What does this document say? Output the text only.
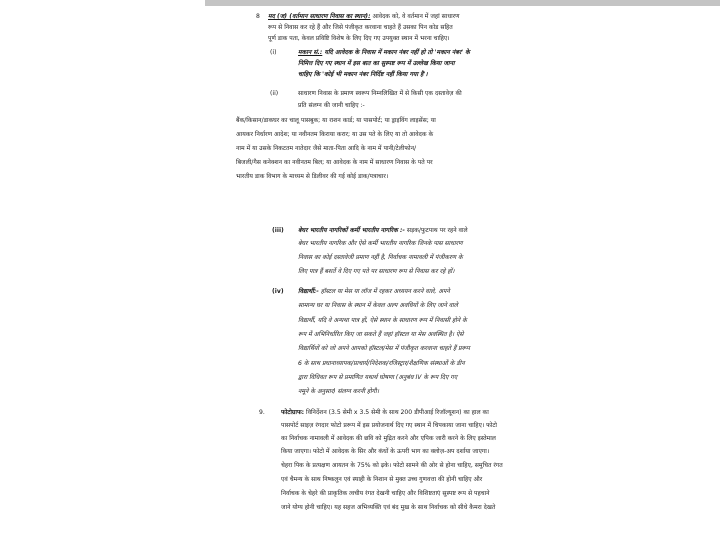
8 मद (ज) (वर्तमान साधारण निवास का स्थान): आवेदक को, वे वर्तमान में जहां साधारण
रूप से निवास कर रहे हैं और जिसे पंजीकृत करवाना चाहते हैं उसका पिन कोड सहित
पूर्ण डाक पता, केवल प्रविष्टि विशेष के लिए दिए गए उपयुक्त स्थान में भरना चाहिए।
(i)	मकान सं.: यदि आवेदक के निवास में मकान नंबर नहीं हो तो 'मकान नंबर' के
निमित्त दिए गए स्थान में इस बात का सुस्पष्ट रूप में उल्लेख किया जाना
चाहिए कि 'कोई भी मकान नंबर निर्दिष्ट नहीं किया गया है'।
(ii)	साधारण निवास के प्रमाण स्वरूप निम्नलिखित में से किसी एक दस्तावेज़ की
प्रति संलग्न की जानी चाहिए :-
बैंक/किसान/डाकघर का चालू पासबुक; या राशन कार्ड; या पासपोर्ट; या ड्राइविंग लाइसेंस; या
आयकर निर्धारण आदेश; या नवीनतम किराया करार; या उस पते के लिए या तो आवेदक के
नाम में या उसके निकटतम नातेदार जैसे माता-पिता आदि के नाम में पानी/टेलीफोन/
बिजली/गैस कनेक्शन का नवीनतम बिल; या आवेदक के नाम में साधारण निवास के पते पर
भारतीय डाक विभाग के माध्यम से डिलीवर की गई कोई डाक/पत्राचार।
(iii) बेघर भारतीय नागरिकों कर्मी भारतीय नागरिक :- सड़क/फुटपाथ पर रहने वाले
बेघर भारतीय नागरिक और ऐसे कर्मी भारतीय नागरिक जिनके पास साधारण
निवास का कोई दस्तावेजी प्रमाण नहीं है, निर्वाचक नामावली में पंजीकरण के
लिए पात्र हैं बशर्ते वे दिए गए पते पर साधारण रूप से निवास कर रहे हों।
(iv) विद्यार्थी:- हॉस्टल या मेस या लॉज में रहकर अध्ययन करने वाले, अपने
सामान्य घर या निवास के स्थान में केवल अल्प अवधियों के लिए जाने वाले
विद्यार्थी, यदि वे अन्यथा पात्र हों, ऐसे स्थान के साधारण रूप में निवासी होने के
रूप में अभिनिर्धारित किए जा सकते हैं जहां हॉस्टल या मेस अवस्थित है। ऐसे
विद्यार्थियों को जो अपने आपको हॉस्टल/मेस में पंजीकृत करवाना चाहते हैं प्ररूप
6 के साथ प्रधानाध्यापक/प्राचार्य/निदेशक/रजिस्ट्रार/शैक्षणिक संस्थाओं के डीन
द्वारा विधिवत रूप से प्रमाणित यथार्थ घोषणा (अनुबंध IV के रूप दिए गए
नमूने के अनुसार) संलग्न करनी होगी।
9.	फोटोग्राफ: विनिर्देशन (3.5 सेमी x 3.5 सेमी के साथ 200 डीपीआई रिजॉल्यूशन) का हाल का
पासपोर्ट साइज़ रंगदार फोटो प्ररूप में इस प्रयोजनार्थ दिए गए स्थान में चिपकाया जाना चाहिए। फोटो
का निर्वाचक नामावली में आवेदक की छवि को मुद्रित करने और एपिक जारी करने के लिए इस्तेमाल
किया जाएगा। फोटो में आवेदक के सिर और कंधों के ऊपरी भाग का क्लोज़-अप दर्शाया जाएगा।
चेहरा पिक के प्रत्यक्षण आयतन के 75% को ढ़के। फोटो सामने की ओर से होना चाहिए, समुचित रंगत
एवं चैमन्य के साथ निष्कलुन एवं स्याही के निशान से मुक्त उच्च गुणवत्ता की होनी चाहिए और
निर्वाचक के चेहरे की प्राकृतिक त्वचीय रंगत देखनी चाहिए और विशिष्टताएं सुस्पष्ट रूप से पहचाने
जाने योग्य होनी चाहिए। यह सहज अभिव्यक्ति एवं बंद मुख के साथ निर्वाचक को सीधे कैमरा देखते
